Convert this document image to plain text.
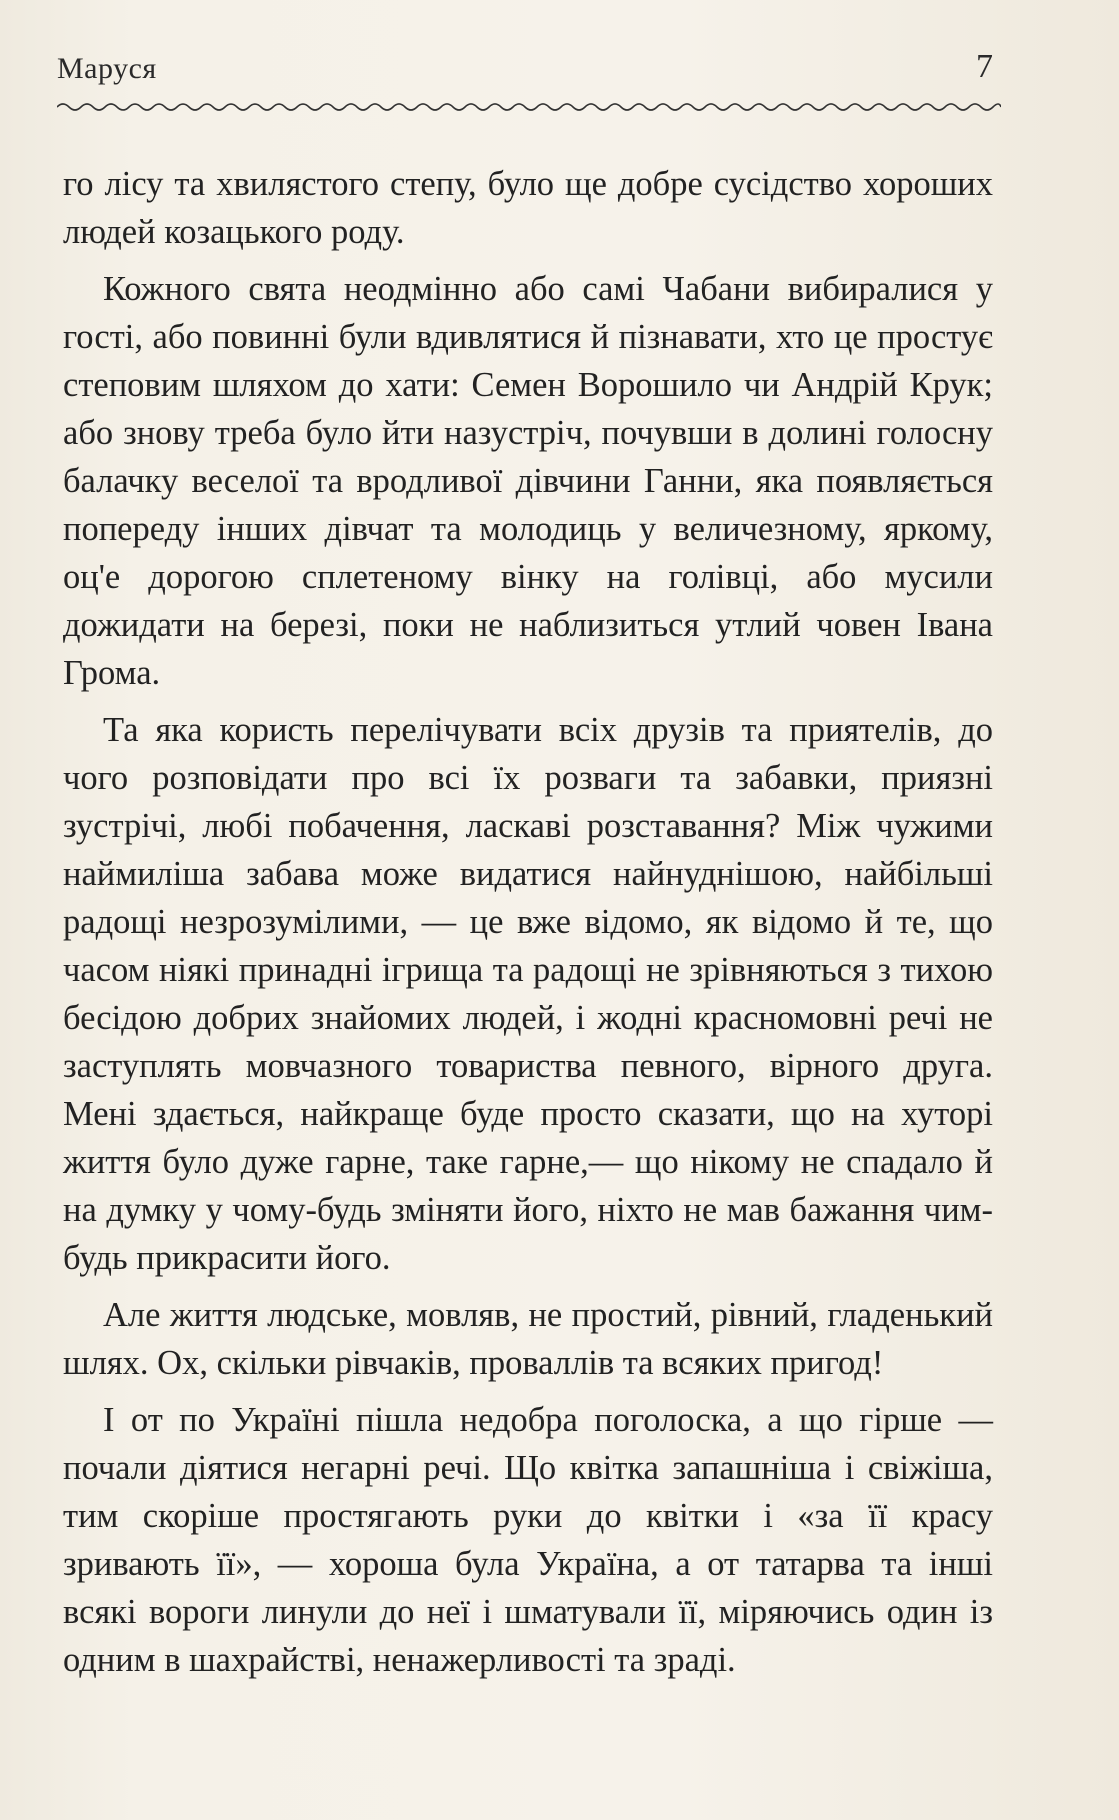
Маруся	7

го лісу та хвилястого степу, було ще добре сусідство хороших людей козацького роду.

Кожного свята неодмінно або самі Чабани вибиралися у гості, або повинні були вдивлятися й пізнавати, хто це простує степовим шляхом до хати: Семен Ворошило чи Андрій Крук; або знову треба було йти назустріч, почувши в долині голосну балачку веселої та вродливої дівчини Ганни, яка появляється попереду інших дівчат та молодиць у величезному, яркому, оц'е дорогою сплетеному вінку на голівці, або мусили дожидати на березі, поки не наблизиться утлий човен Івана Грома.

Та яка користь перелічувати всіх друзів та приятелів, до чого розповідати про всі їх розваги та забавки, приязні зустрічі, любі побачення, ласкаві розставання? Між чужими наймиліша забава може видатися найнуднішою, найбільші радощі незрозумілими, — це вже відомо, як відомо й те, що часом ніякі принадні ігрища та радощі не зрівняються з тихою бесідою добрих знайомих людей, і жодні красномовні речі не заступлять мовчазного товариства певного, вірного друга. Мені здається, найкраще буде просто сказати, що на хуторі життя було дуже гарне, таке гарне,— що нікому не спадало й на думку у чому-будь зміняти його, ніхто не мав бажання чим-будь прикрасити його.

Але життя людське, мовляв, не простий, рівний, гладенький шлях. Ох, скільки рівчаків, проваллів та всяких пригод!

І от по Україні пішла недобра поголоска, а що гірше — почали діятися негарні речі. Що квітка запашніша і свіжіша, тим скоріше простягають руки до квітки і «за її красу зривають її», — хороша була Україна, а от татарва та інші всякі вороги линули до неї і шматували її, міряючись один із одним в шахрайстві, ненажерливості та зраді.
